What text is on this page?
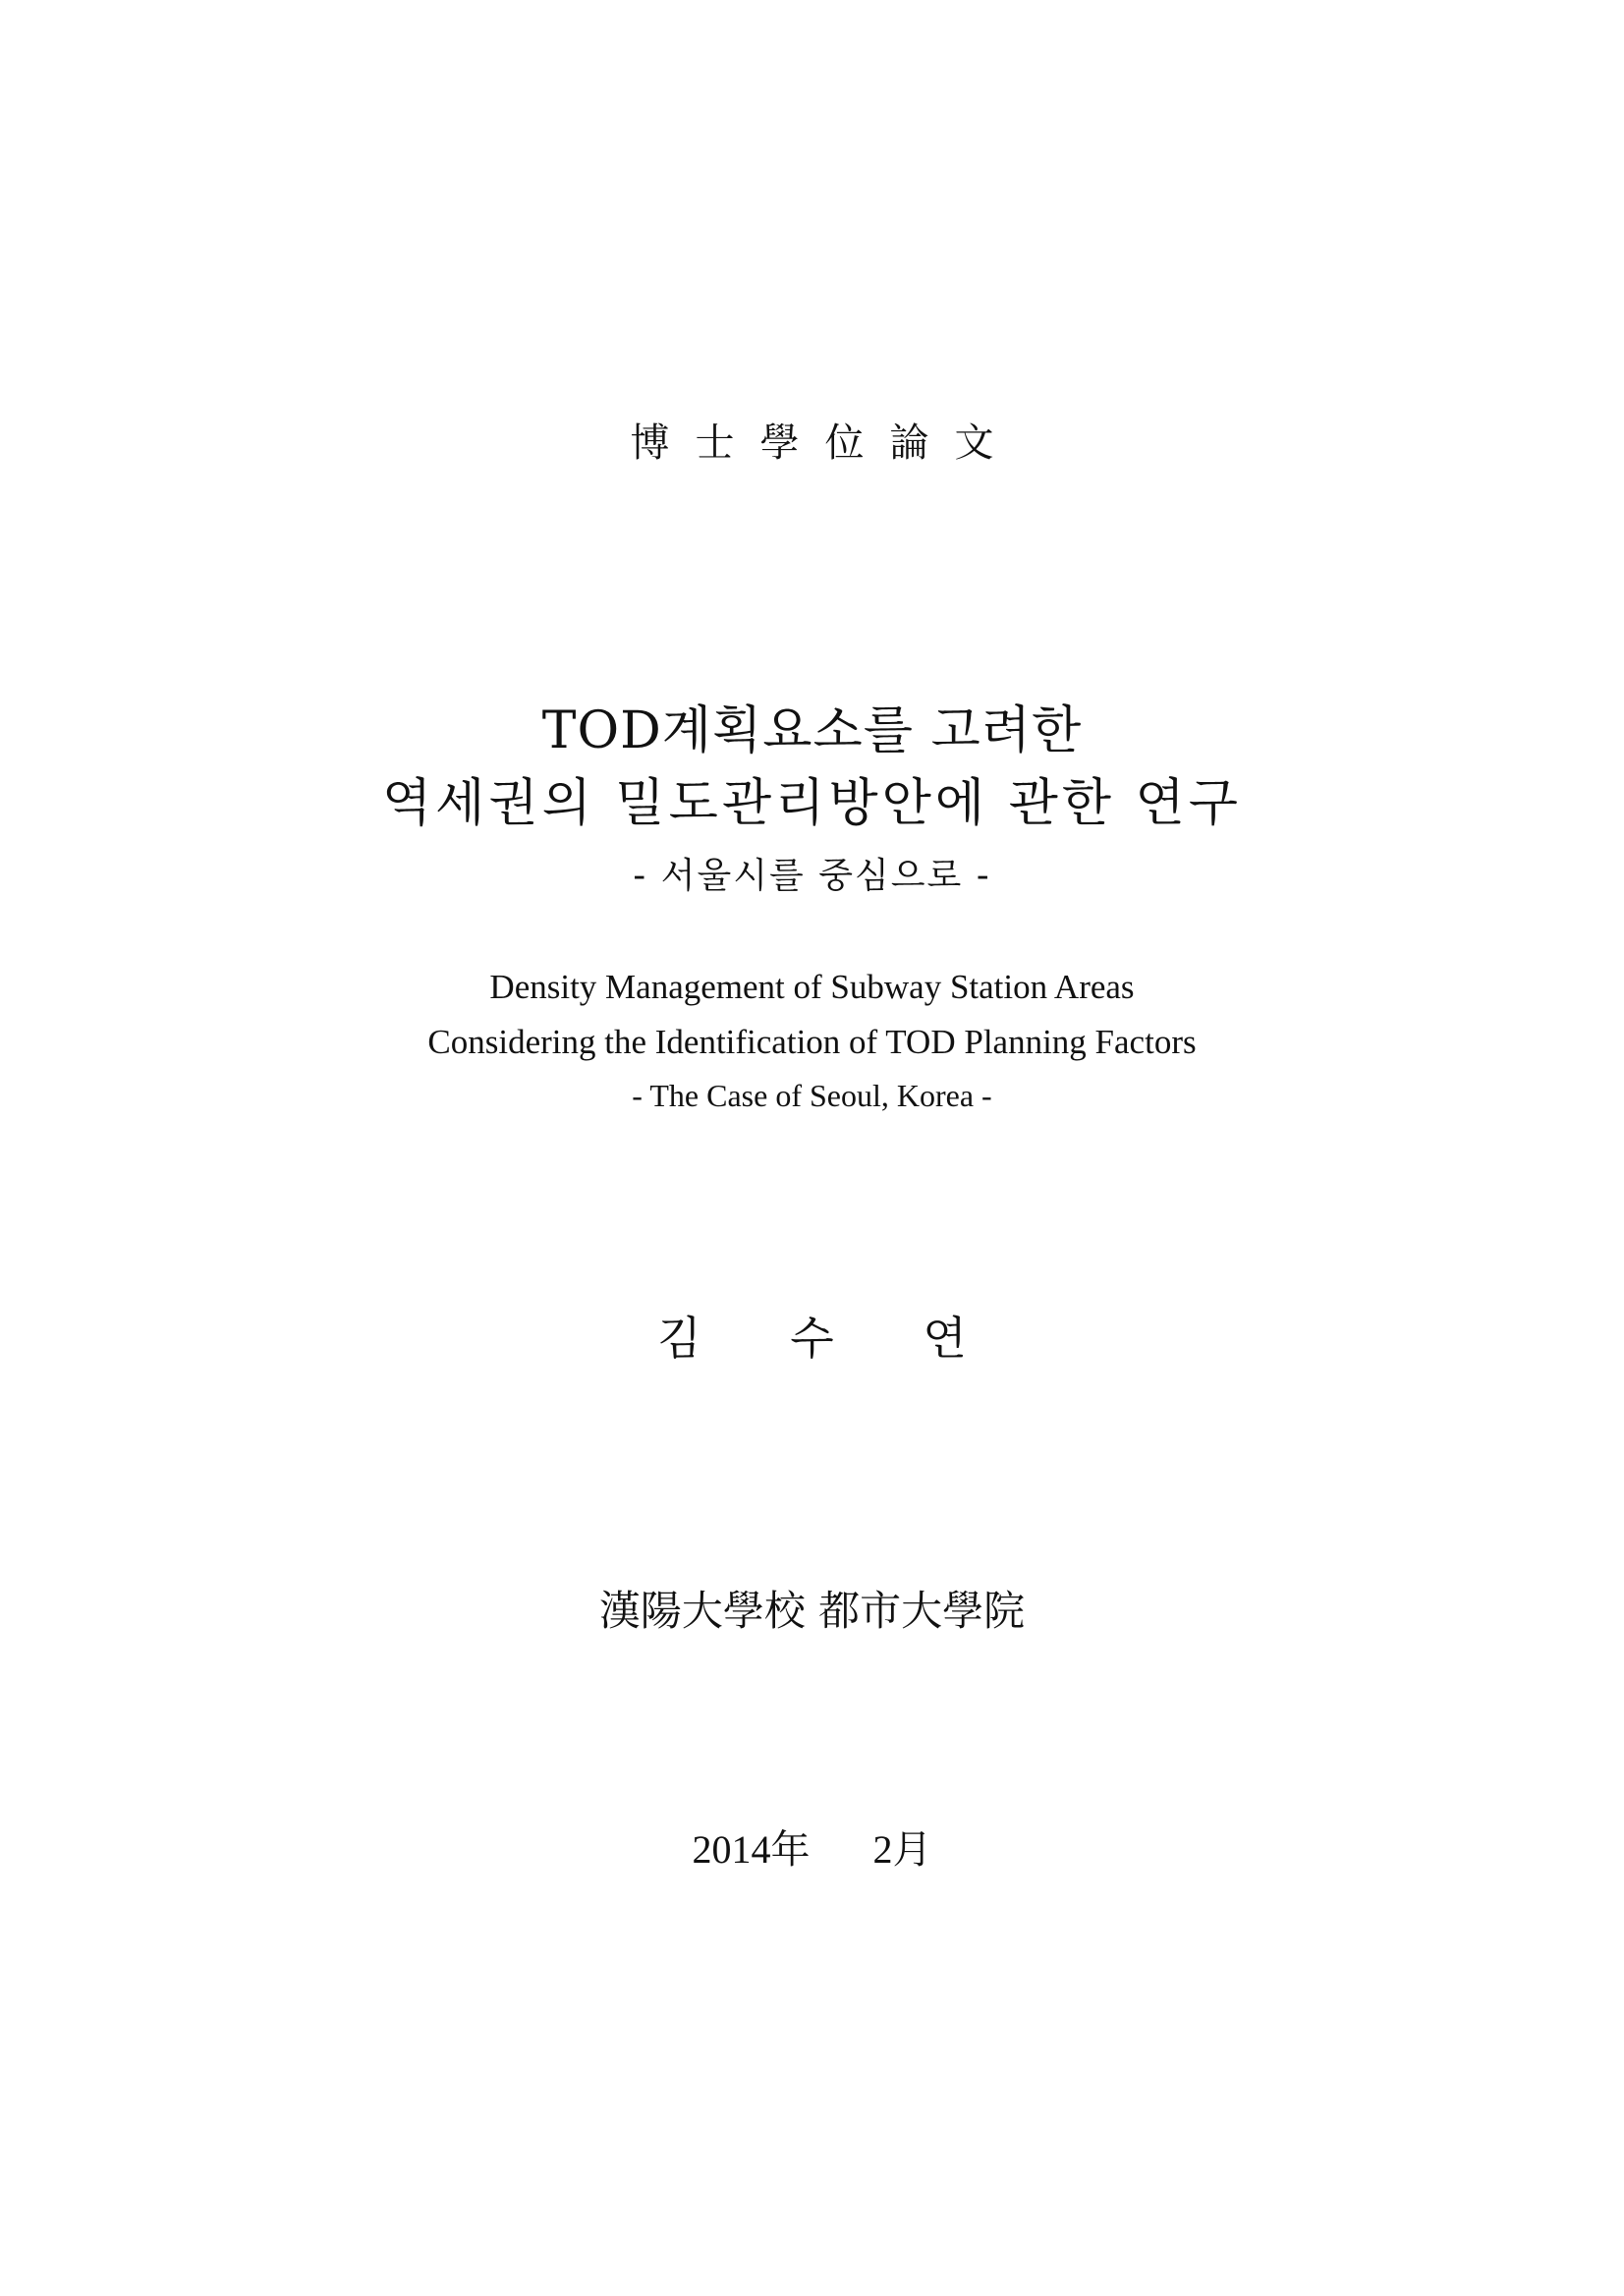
博士學位論文
TOD계획요소를 고려한
역세권의 밀도관리방안에 관한 연구
- 서울시를 중심으로 -
Density Management of Subway Station Areas
Considering the Identification of TOD Planning Factors
- The Case of Seoul, Korea -
김 수 연
漢陽大學校 都市大學院
2014年 2月
